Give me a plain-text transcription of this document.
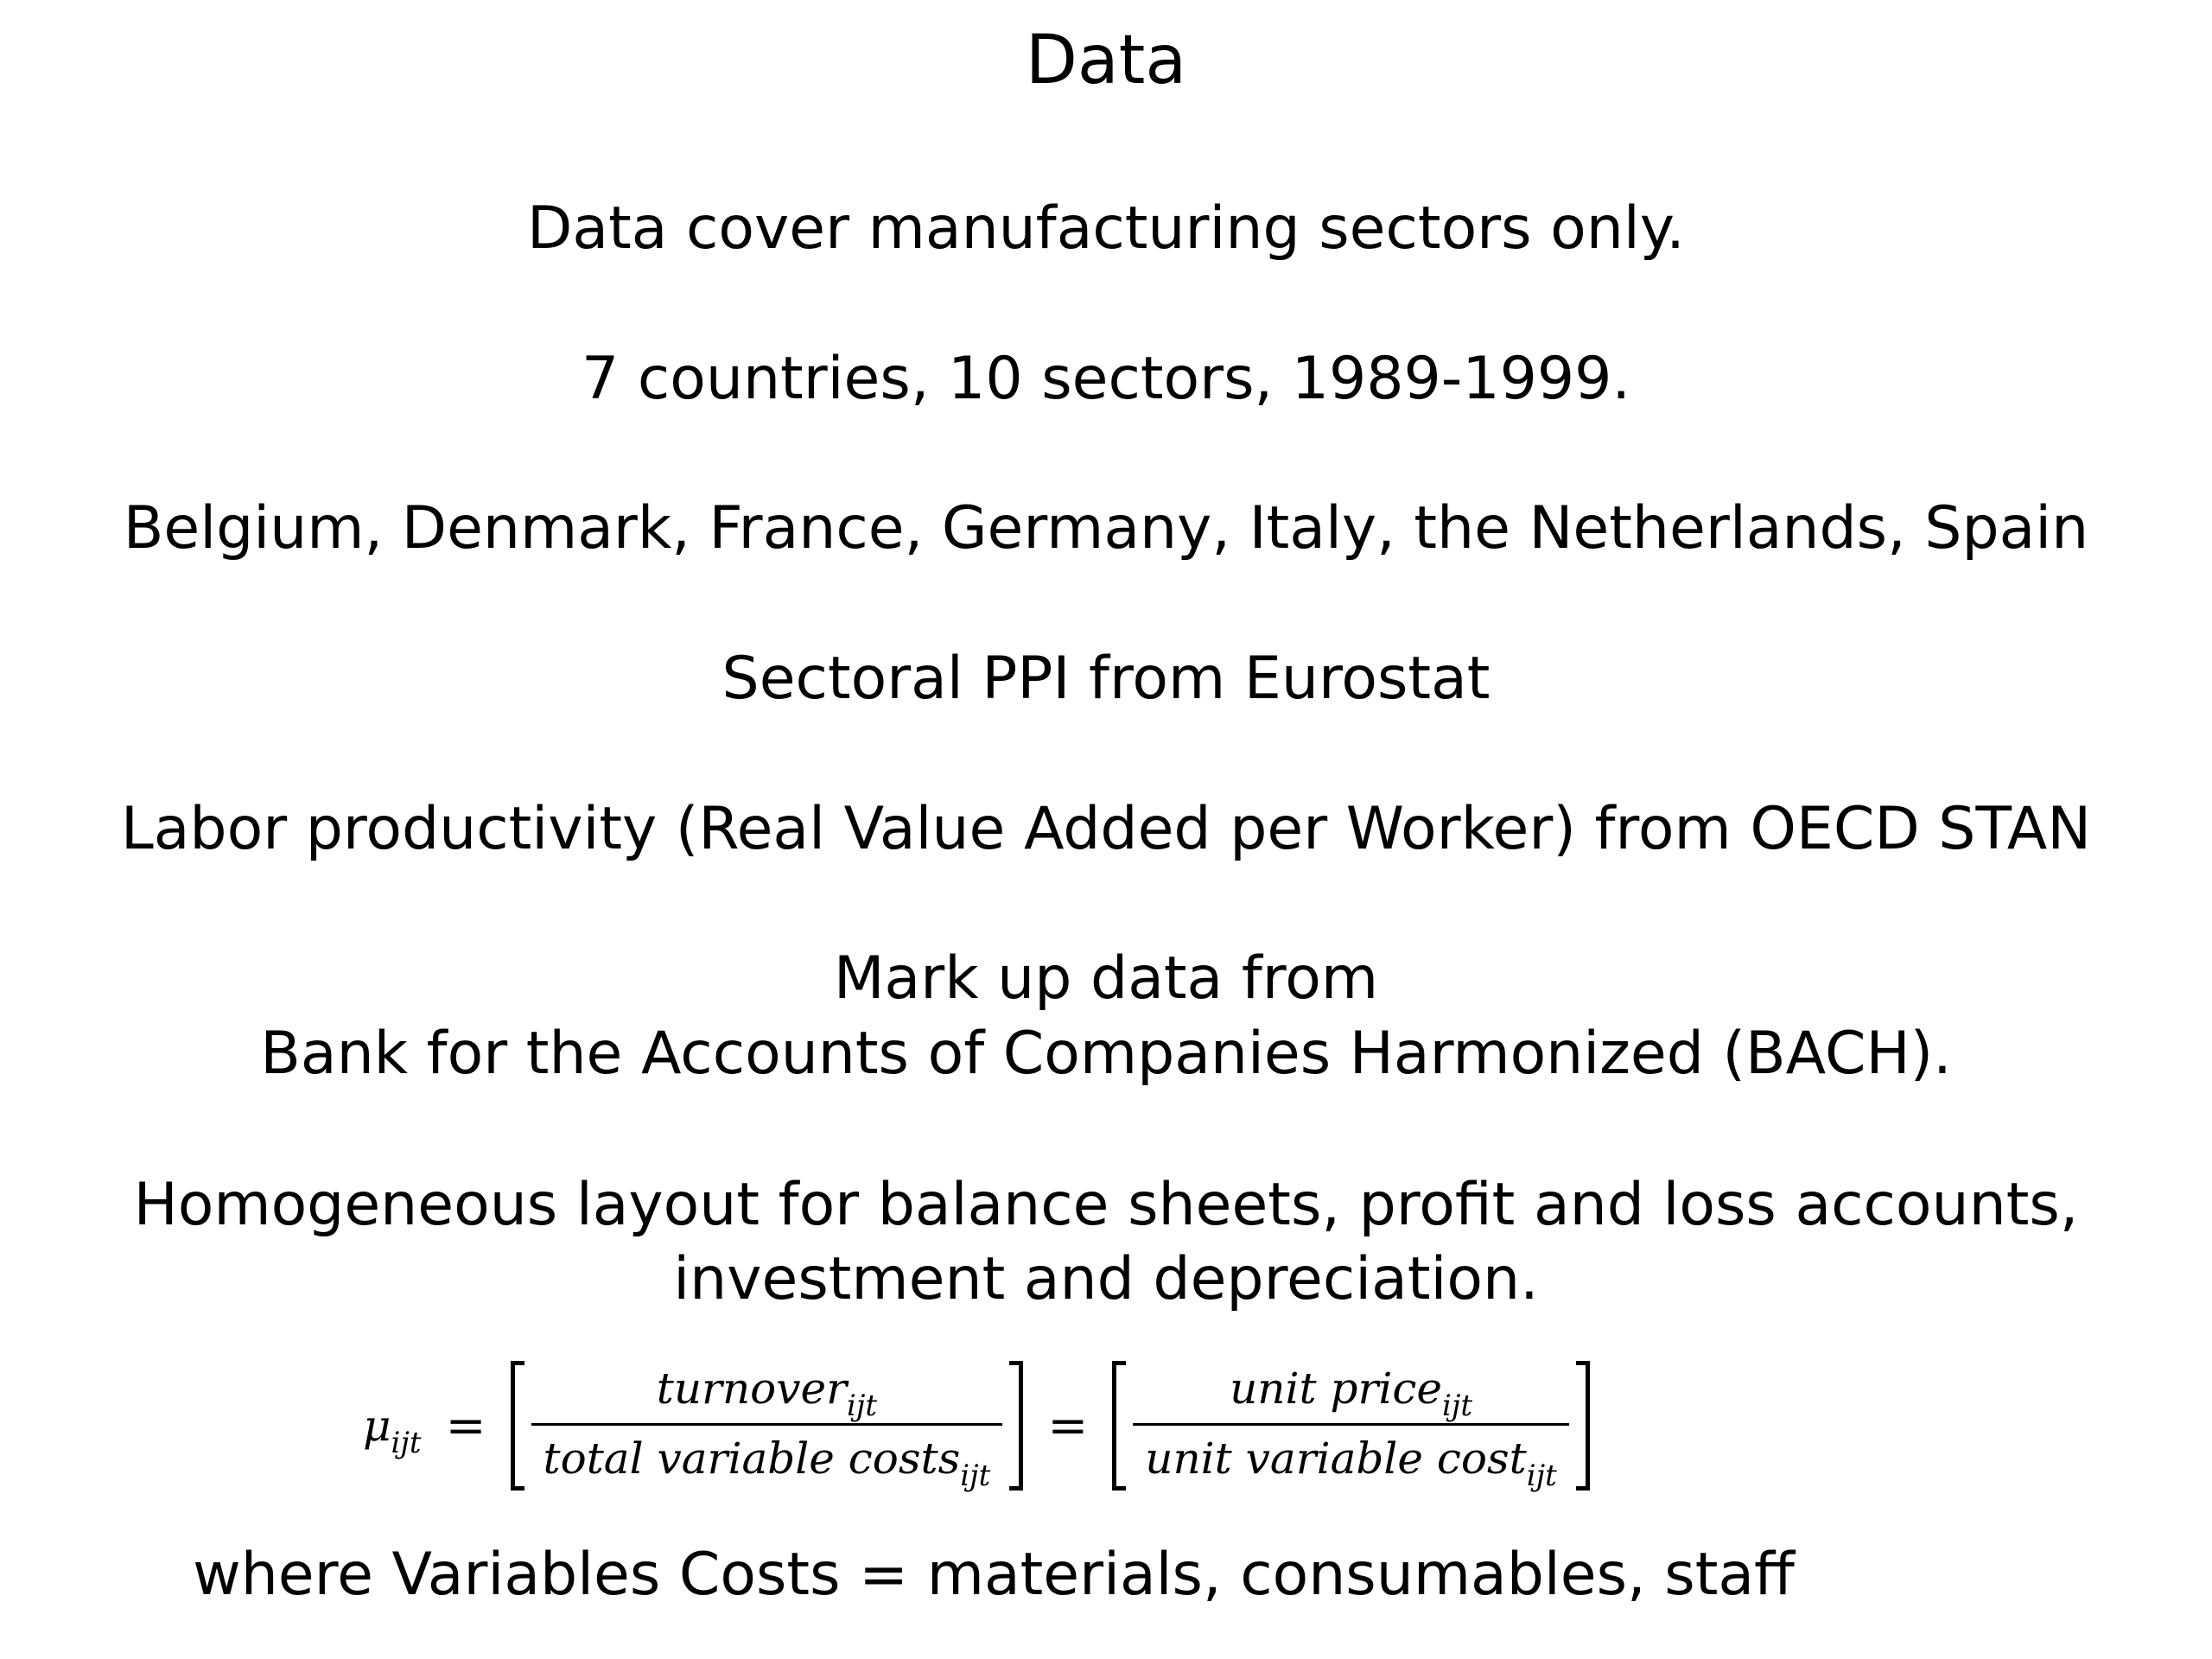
Data
Data cover manufacturing sectors only.
7 countries, 10 sectors, 1989-1999.
Belgium, Denmark, France, Germany, Italy, the Netherlands, Spain
Sectoral PPI from Eurostat
Labor productivity (Real Value Added per Worker) from OECD STAN
Mark up data from
Bank for the Accounts of Companies Harmonized (BACH).
Homogeneous layout for balance sheets, profit and loss accounts,
investment and depreciation.
$\mu_{ijt} = \frac{turnover_{ijt}}{total variable costs_{ijt}} = \frac{unit price_{ijt}}{unit variable \cos t_{ijt}}$
where Variables Costs = materials, consumables, staff
